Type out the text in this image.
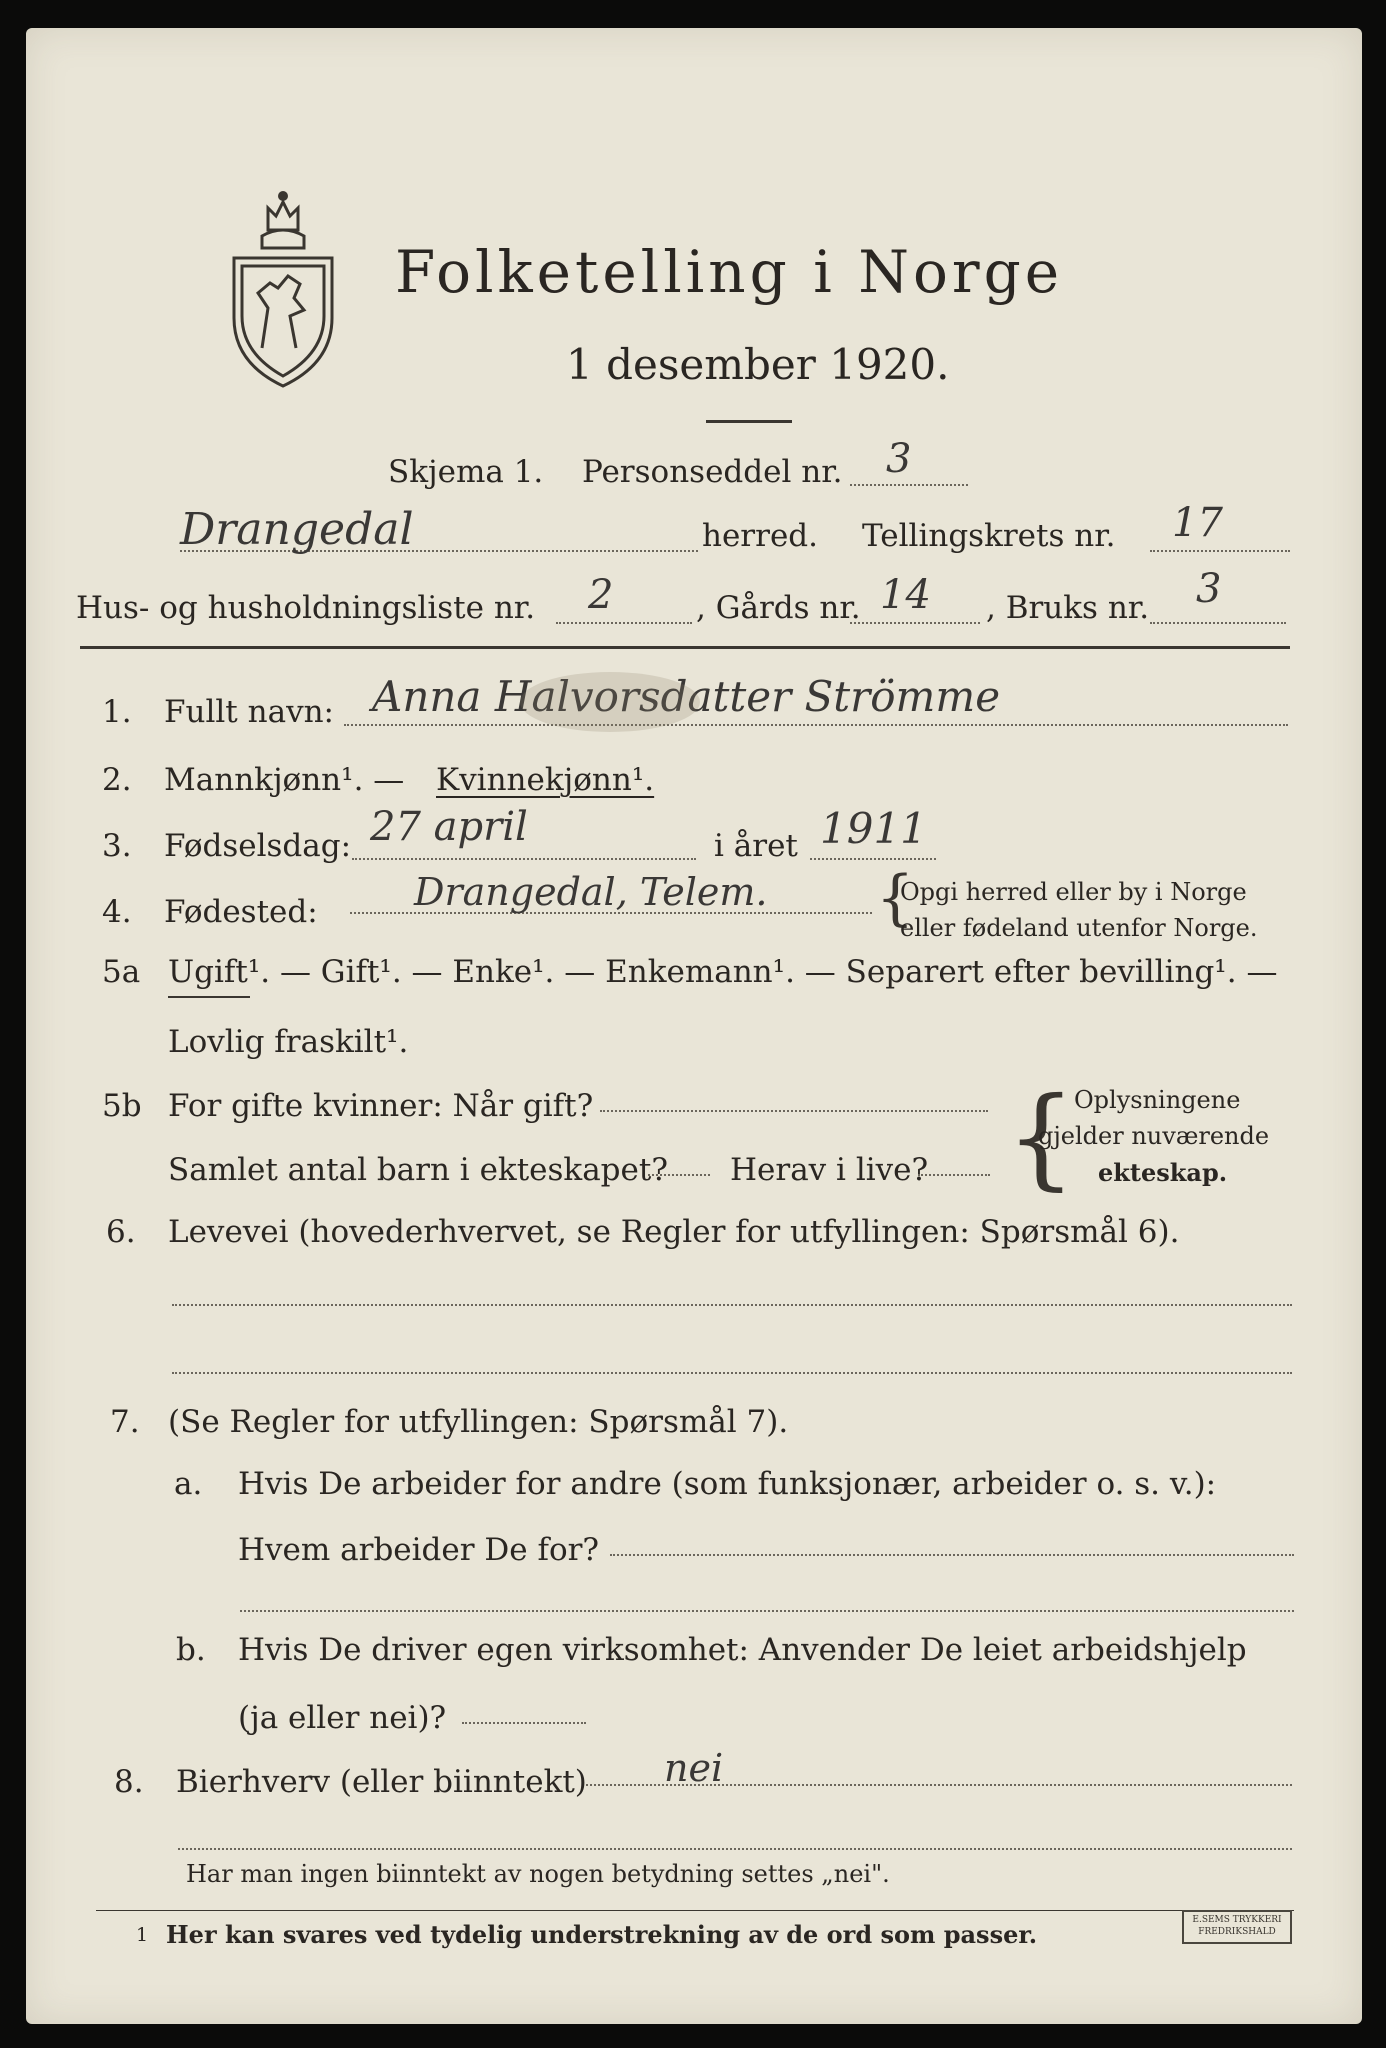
Folketelling i Norge
1 desember 1920.
Skjema 1. Personseddel nr. 3
Drangedal	herred. Tellingskrets nr. 17
Hus- og husholdningsliste nr. 2	, Gårds nr. 14 , Bruks nr. 3
1. Fullt navn: Anna Halvorsdatter Strömme
2. Mannkjønn¹. — Kvinnekjønn¹.
3. Fødselsdag: 27 april	i året 1911
4. Fødested:	Drangedal, Telem. {
Opgi herred eller by i Norge
eller fødeland utenfor Norge.
5a Ugift¹. — Gift¹. — Enke¹. — Enkemann¹. — Separert efter bevilling¹. —
Lovlig fraskilt¹.
5b For gifte kvinner: Når gift?
Samlet antal barn i ekteskapet? Herav i live? {
Oplysningene
gjelder nuværende
ekteskap.
6. Levevei (hovederhvervet, se Regler for utfyllingen: Spørsmål 6).
7. (Se Regler for utfyllingen: Spørsmål 7).
a. Hvis De arbeider for andre (som funksjonær, arbeider o. s. v.):
Hvem arbeider De for?
b. Hvis De driver egen virksomhet: Anvender De leiet arbeidshjelp
(ja eller nei)?
8. Bierhverv (eller biinntekt) nei
Har man ingen biinntekt av nogen betydning settes „nei".
1 Her kan svares ved tydelig understrekning av de ord som passer.	E.SEMS TRYKKERI
FREDRIKSHALD
